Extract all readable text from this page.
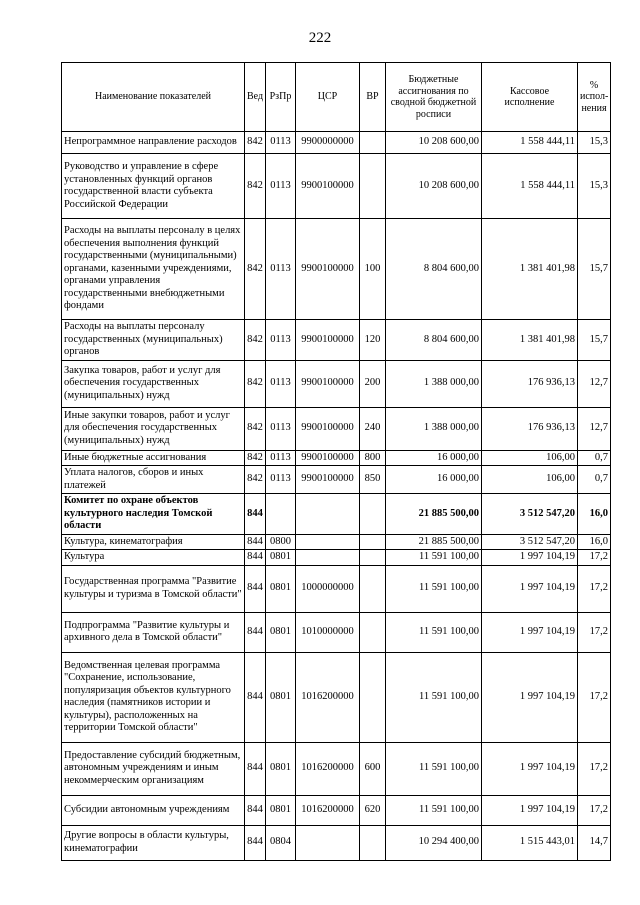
222
Наименование показателей	Вед	РзПр	ЦСР	ВР	Бюджетные ассигнования по сводной бюджетной росписи	Кассовое исполнение	% испол-нения
Непрограммное направление расходов	842	0113	9900000000		10 208 600,00	1 558 444,11	15,3
Руководство и управление в сфере установленных функций органов государственной власти субъекта Российской Федерации	842	0113	9900100000		10 208 600,00	1 558 444,11	15,3
Расходы на выплаты персоналу в целях обеспечения выполнения функций государственными (муниципальными) органами, казенными учреждениями, органами управления государственными внебюджетными фондами	842	0113	9900100000	100	8 804 600,00	1 381 401,98	15,7
Расходы на выплаты персоналу государственных (муниципальных) органов	842	0113	9900100000	120	8 804 600,00	1 381 401,98	15,7
Закупка товаров, работ и услуг для обеспечения государственных (муниципальных) нужд	842	0113	9900100000	200	1 388 000,00	176 936,13	12,7
Иные закупки товаров, работ и услуг для обеспечения государственных (муниципальных) нужд	842	0113	9900100000	240	1 388 000,00	176 936,13	12,7
Иные бюджетные ассигнования	842	0113	9900100000	800	16 000,00	106,00	0,7
Уплата налогов, сборов и иных платежей	842	0113	9900100000	850	16 000,00	106,00	0,7
Комитет по охране объектов культурного наследия Томской области	844				21 885 500,00	3 512 547,20	16,0
Культура, кинематография	844	0800			21 885 500,00	3 512 547,20	16,0
Культура	844	0801			11 591 100,00	1 997 104,19	17,2
Государственная программа "Развитие культуры и туризма в Томской области"	844	0801	1000000000		11 591 100,00	1 997 104,19	17,2
Подпрограмма "Развитие культуры и архивного дела в Томской области"	844	0801	1010000000		11 591 100,00	1 997 104,19	17,2
Ведомственная целевая программа "Сохранение, использование, популяризация объектов культурного наследия (памятников истории и культуры), расположенных на территории Томской области"	844	0801	1016200000		11 591 100,00	1 997 104,19	17,2
Предоставление субсидий бюджетным, автономным учреждениям и иным некоммерческим организациям	844	0801	1016200000	600	11 591 100,00	1 997 104,19	17,2
Субсидии автономным учреждениям	844	0801	1016200000	620	11 591 100,00	1 997 104,19	17,2
Другие вопросы в области культуры, кинематографии	844	0804			10 294 400,00	1 515 443,01	14,7
